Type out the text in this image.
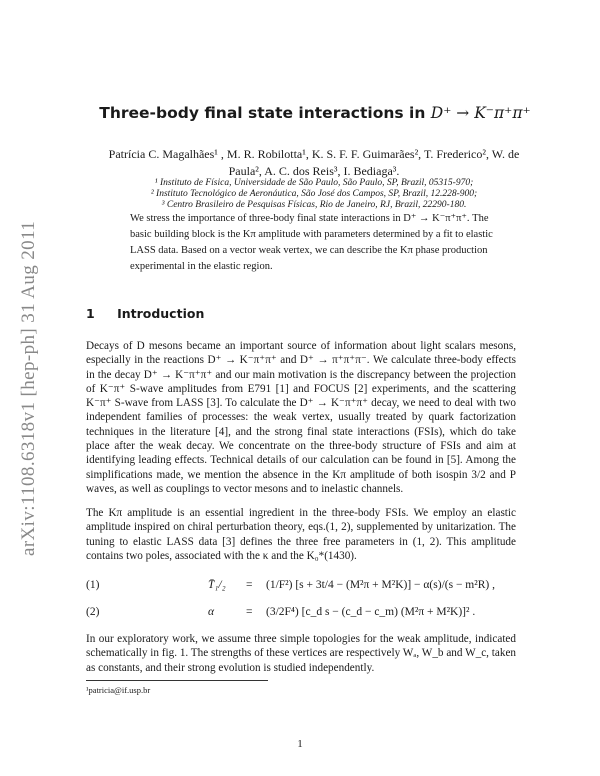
arXiv:1108.6318v1 [hep-ph] 31 Aug 2011
Three-body final state interactions in D⁺ → K⁻π⁺π⁺
Patrícia C. Magalhães¹ , M. R. Robilotta¹, K. S. F. F. Guimarães², T. Frederico², W. de Paula², A. C. dos Reis³, I. Bediaga³.
¹ Instituto de Física, Universidade de São Paulo, São Paulo, SP, Brazil, 05315-970;
² Instituto Tecnológico de Aeronáutica, São José dos Campos, SP, Brazil, 12.228-900;
³ Centro Brasileiro de Pesquisas Físicas, Rio de Janeiro, RJ, Brazil, 22290-180.
We stress the importance of three-body final state interactions in D⁺ → K⁻π⁺π⁺. The basic building block is the Kπ amplitude with parameters determined by a fit to elastic LASS data. Based on a vector weak vertex, we can describe the Kπ phase production experimental in the elastic region.
1 Introduction
Decays of D mesons became an important source of information about light scalars mesons, especially in the reactions D⁺ → K⁻π⁺π⁺ and D⁺ → π⁺π⁺π⁻. We calculate three-body effects in the decay D⁺ → K⁻π⁺π⁺ and our main motivation is the discrepancy between the projection of K⁻π⁺ S-wave amplitudes from E791 [1] and FOCUS [2] experiments, and the scattering K⁻π⁺ S-wave from LASS [3]. To calculate the D⁺ → K⁻π⁺π⁺ decay, we need to deal with two independent families of processes: the weak vertex, usually treated by quark factorization techniques in the literature [4], and the strong final state interactions (FSIs), which do take place after the weak decay. We concentrate on the three-body structure of FSIs and aim at identifying leading effects. Technical details of our calculation can be found in [5]. Among the simplifications made, we mention the absence in the Kπ amplitude of both isospin 3/2 and P waves, as well as couplings to vector mesons and to inelastic channels.
The Kπ amplitude is an essential ingredient in the three-body FSIs. We employ an elastic amplitude inspired on chiral perturbation theory, eqs.(1, 2), supplemented by unitarization. The tuning to elastic LASS data [3] defines the three free parameters in (1, 2). This amplitude contains two poles, associated with the κ and the K₀*(1430).
(1)	T̄₁/₂ = (1/F²) [s + 3t/4 − (M²π + M²K)] − α(s)/(s − m²R) ,
(2)	α	= (3/2F⁴) [c_d s − (c_d − c_m) (M²π + M²K)]² .
In our exploratory work, we assume three simple topologies for the weak amplitude, indicated schematically in fig. 1. The strengths of these vertices are respectively Wₐ, W_b and W_c, taken as constants, and their strong evolution is studied independently.
¹patricia@if.usp.br
1
